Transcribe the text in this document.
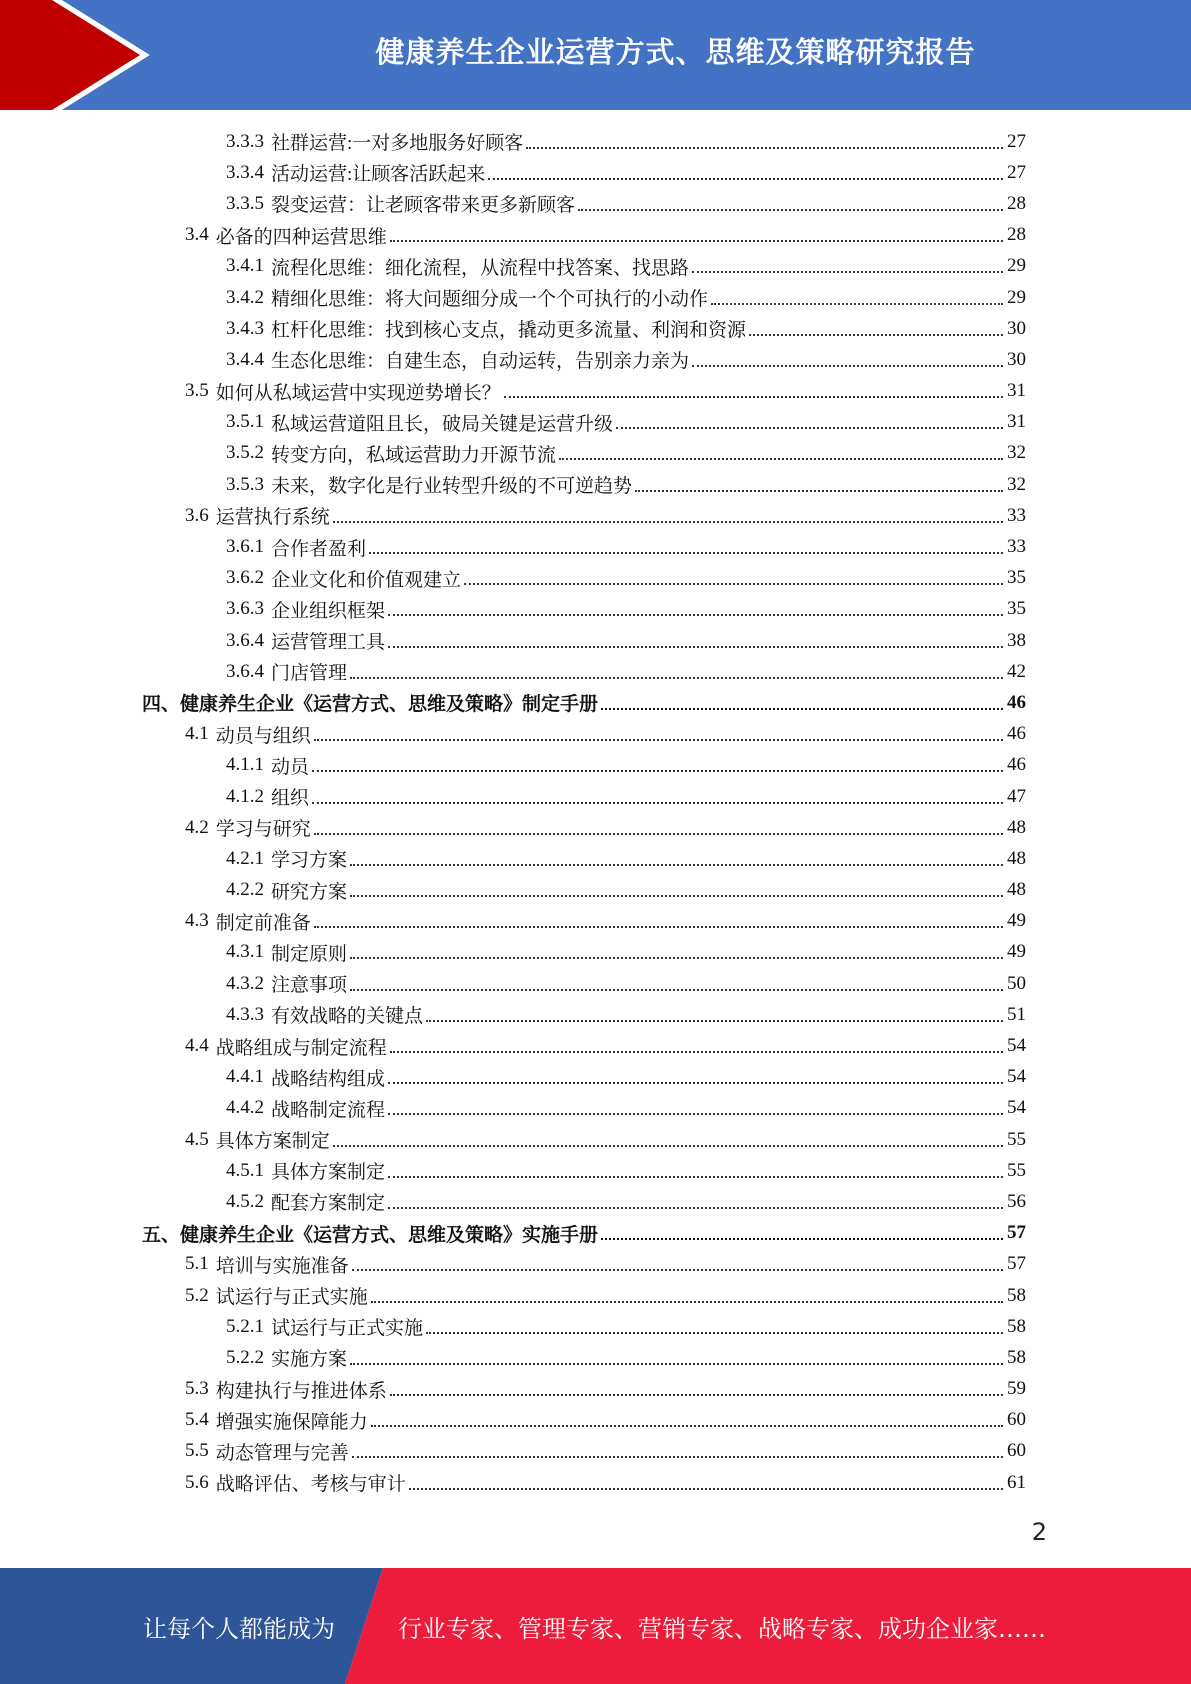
健康养生企业运营方式、思维及策略研究报告
3.3.3 社群运营:一对多地服务好顾客	27
3.3.4 活动运营:让顾客活跃起来	27
3.3.5 裂变运营：让老顾客带来更多新顾客	28
3.4 必备的四种运营思维	28
3.4.1 流程化思维：细化流程，从流程中找答案、找思路	29
3.4.2 精细化思维：将大问题细分成一个个可执行的小动作	29
3.4.3 杠杆化思维：找到核心支点，撬动更多流量、利润和资源	30
3.4.4 生态化思维：自建生态，自动运转，告别亲力亲为	30
3.5 如何从私域运营中实现逆势增长？	31
3.5.1 私域运营道阻且长，破局关键是运营升级	31
3.5.2 转变方向，私域运营助力开源节流	32
3.5.3 未来，数字化是行业转型升级的不可逆趋势	32
3.6 运营执行系统	33
3.6.1 合作者盈利	33
3.6.2 企业文化和价值观建立	35
3.6.3 企业组织框架	35
3.6.4 运营管理工具	38
3.6.4 门店管理	42
四、健康养生企业《运营方式、思维及策略》制定手册	46
4.1 动员与组织	46
4.1.1 动员	46
4.1.2 组织	47
4.2 学习与研究	48
4.2.1 学习方案	48
4.2.2 研究方案	48
4.3 制定前准备	49
4.3.1 制定原则	49
4.3.2 注意事项	50
4.3.3 有效战略的关键点	51
4.4 战略组成与制定流程	54
4.4.1 战略结构组成	54
4.4.2 战略制定流程	54
4.5 具体方案制定	55
4.5.1 具体方案制定	55
4.5.2 配套方案制定	56
五、健康养生企业《运营方式、思维及策略》实施手册	57
5.1 培训与实施准备	57
5.2 试运行与正式实施	58
5.2.1 试运行与正式实施	58
5.2.2 实施方案	58
5.3 构建执行与推进体系	59
5.4 增强实施保障能力	60
5.5 动态管理与完善	60
5.6 战略评估、考核与审计	61
2
让每个人都能成为	行业专家、管理专家、营销专家、战略专家、成功企业家……
